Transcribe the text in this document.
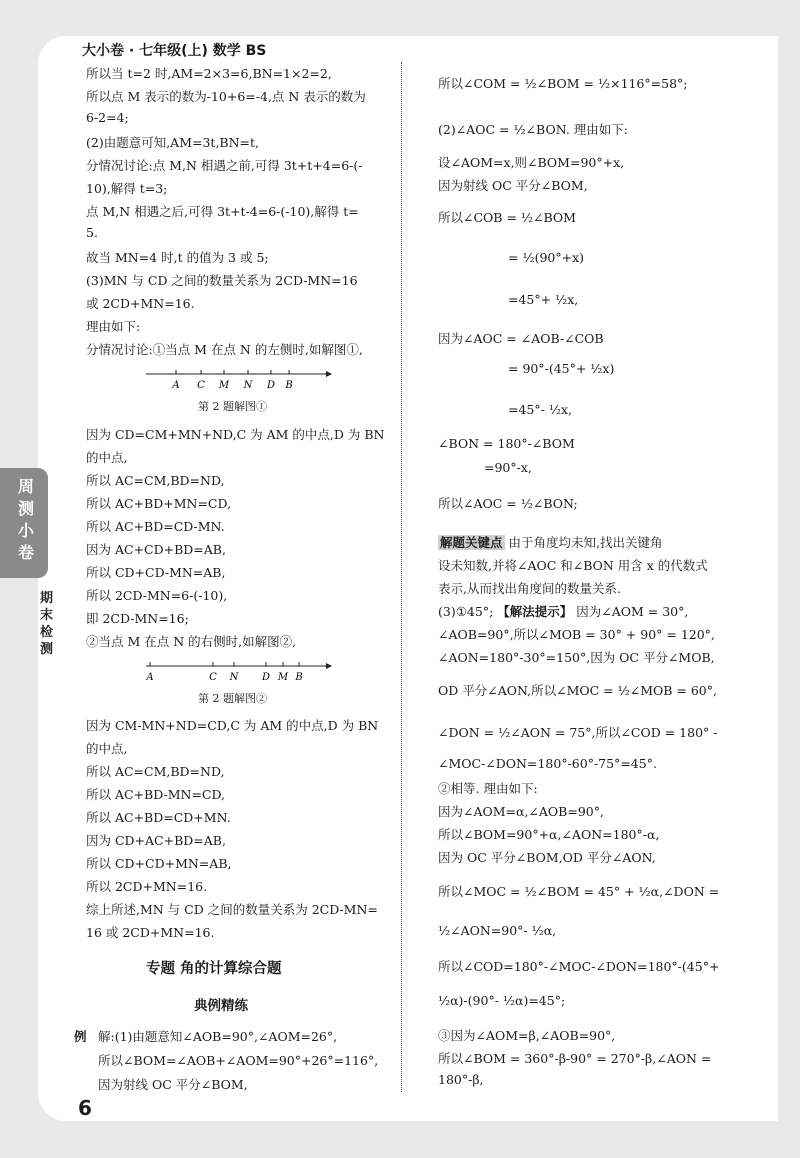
大小卷 · 七年级(上) 数学 BS
周测小卷
期末检测
6
所以当 t=2 时,AM=2×3=6,BN=1×2=2,
所以点 M 表示的数为-10+6=-4,点 N 表示的数为
6-2=4;
(2)由题意可知,AM=3t,BN=t,
分情况讨论:点 M,N 相遇之前,可得 3t+t+4=6-(-
10),解得 t=3;
点 M,N 相遇之后,可得 3t+t-4=6-(-10),解得 t=
5.
故当 MN=4 时,t 的值为 3 或 5;
(3)MN 与 CD 之间的数量关系为 2CD-MN=16
或 2CD+MN=16.
理由如下:
分情况讨论:①当点 M 在点 N 的左侧时,如解图①,
A C M N D B
第 2 题解图①
因为 CD=CM+MN+ND,C 为 AM 的中点,D 为 BN
的中点,
所以 AC=CM,BD=ND,
所以 AC+BD+MN=CD,
所以 AC+BD=CD-MN.
因为 AC+CD+BD=AB,
所以 CD+CD-MN=AB,
所以 2CD-MN=6-(-10),
即 2CD-MN=16;
②当点 M 在点 N 的右侧时,如解图②,
A	C N D M B
第 2 题解图②
因为 CM-MN+ND=CD,C 为 AM 的中点,D 为 BN
的中点,
所以 AC=CM,BD=ND,
所以 AC+BD-MN=CD,
所以 AC+BD=CD+MN.
因为 CD+AC+BD=AB,
所以 CD+CD+MN=AB,
所以 2CD+MN=16.
综上所述,MN 与 CD 之间的数量关系为 2CD-MN=
16 或 2CD+MN=16.
专题 角的计算综合题
典例精练
例 解:(1)由题意知∠AOB=90°,∠AOM=26°,
所以∠BOM=∠AOB+∠AOM=90°+26°=116°,
因为射线 OC 平分∠BOM,
所以∠COM = ½∠BOM = ½×116°=58°;
(2)∠AOC = ½∠BON. 理由如下:
设∠AOM=x,则∠BOM=90°+x,
因为射线 OC 平分∠BOM,
所以∠COB = ½∠BOM
= ½(90°+x)
=45°+ ½x,
因为∠AOC = ∠AOB-∠COB
= 90°-(45°+ ½x)
=45°- ½x,
∠BON = 180°-∠BOM
=90°-x,
所以∠AOC = ½∠BON;
解题关键点 由于角度均未知,找出关键角
设未知数,并将∠AOC 和∠BON 用含 x 的代数式
表示,从而找出角度间的数量关系.
(3)①45°; 【解法提示】 因为∠AOM = 30°,
∠AOB=90°,所以∠MOB = 30° + 90° = 120°,
∠AON=180°-30°=150°,因为 OC 平分∠MOB,
OD 平分∠AON,所以∠MOC = ½∠MOB = 60°,
∠DON = ½∠AON = 75°,所以∠COD = 180° -
∠MOC-∠DON=180°-60°-75°=45°.
②相等. 理由如下:
因为∠AOM=α,∠AOB=90°,
所以∠BOM=90°+α,∠AON=180°-α,
因为 OC 平分∠BOM,OD 平分∠AON,
所以∠MOC = ½∠BOM = 45° + ½α,∠DON =
½∠AON=90°- ½α,
所以∠COD=180°-∠MOC-∠DON=180°-(45°+
½α)-(90°- ½α)=45°;
③因为∠AOM=β,∠AOB=90°,
所以∠BOM = 360°-β-90° = 270°-β,∠AON =
180°-β,
